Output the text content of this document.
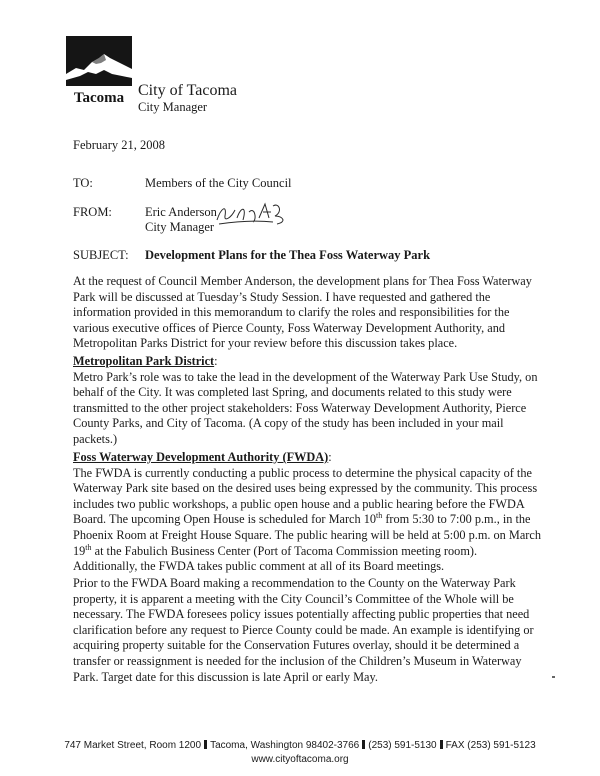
Tacoma City of Tacoma
City Manager
February 21, 2008
TO:	Members of the City Council
FROM:	Eric Anderson
City Manager
SUBJECT: Development Plans for the Thea Foss Waterway Park

At the request of Council Member Anderson, the development plans for Thea Foss Waterway Park will be discussed at Tuesday’s Study Session. I have requested and gathered the information provided in this memorandum to clarify the roles and responsibilities for the various executive offices of Pierce County, Foss Waterway Development Authority, and Metropolitan Parks District for your review before this discussion takes place.

Metropolitan Park District:
Metro Park’s role was to take the lead in the development of the Waterway Park Use Study, on behalf of the City. It was completed last Spring, and documents related to this study were transmitted to the other project stakeholders: Foss Waterway Development Authority, Pierce County Parks, and City of Tacoma. (A copy of the study has been included in your mail packets.)

Foss Waterway Development Authority (FWDA):
The FWDA is currently conducting a public process to determine the physical capacity of the Waterway Park site based on the desired uses being expressed by the community. This process includes two public workshops, a public open house and a public hearing before the FWDA Board. The upcoming Open House is scheduled for March 10th from 5:30 to 7:00 p.m., in the Phoenix Room at Freight House Square. The public hearing will be held at 5:00 p.m. on March 19th at the Fabulich Business Center (Port of Tacoma Commission meeting room). Additionally, the FWDA takes public comment at all of its Board meetings.

Prior to the FWDA Board making a recommendation to the County on the Waterway Park property, it is apparent a meeting with the City Council’s Committee of the Whole will be necessary. The FWDA foresees policy issues potentially affecting public properties that need clarification before any request to Pierce County could be made. An example is identifying or acquiring property suitable for the Conservation Futures overlay, should it be determined a transfer or reassignment is needed for the inclusion of the Children’s Museum in Waterway Park. Target date for this discussion is late April or early May.

747 Market Street, Room 1200 Tacoma, Washington 98402-3766 (253) 591-5130 FAX (253) 591-5123
www.cityoftacoma.org
